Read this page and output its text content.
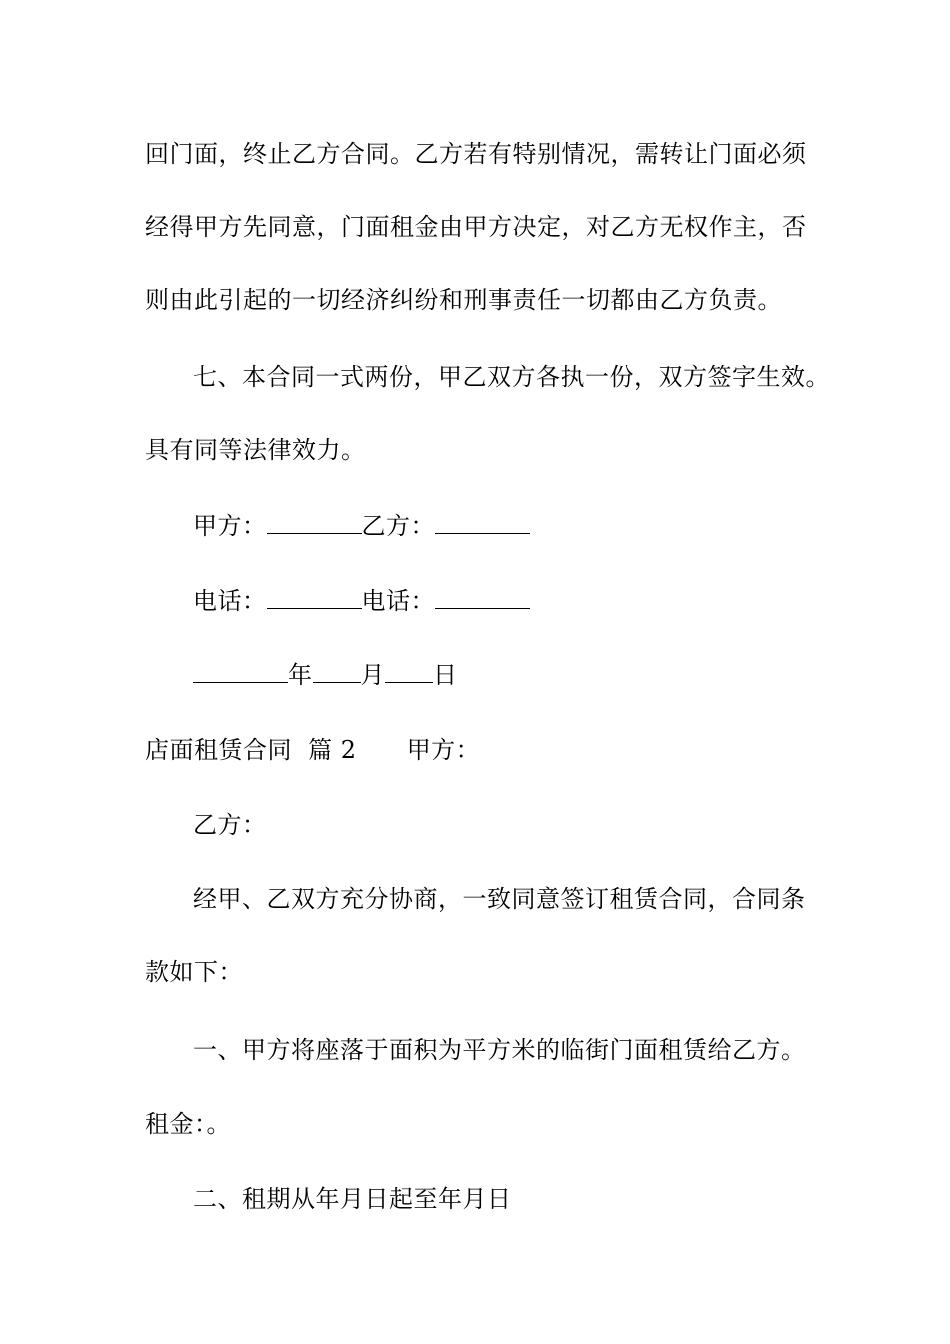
回门面，终止乙方合同。乙方若有特别情况，需转让门面必须
经得甲方先同意，门面租金由甲方决定，对乙方无权作主，否
则由此引起的一切经济纠纷和刑事责任一切都由乙方负责。
七、本合同一式两份，甲乙双方各执一份，双方签字生效。
具有同等法律效力。
甲方：	乙方：
电话：	电话：
年 月 日
店面租赁合同 篇 2 甲方：
乙方：
经甲、乙双方充分协商，一致同意签订租赁合同，合同条
款如下：
一、甲方将座落于面积为平方米的临街门面租赁给乙方。
租金：。
二、租期从年月日起至年月日
